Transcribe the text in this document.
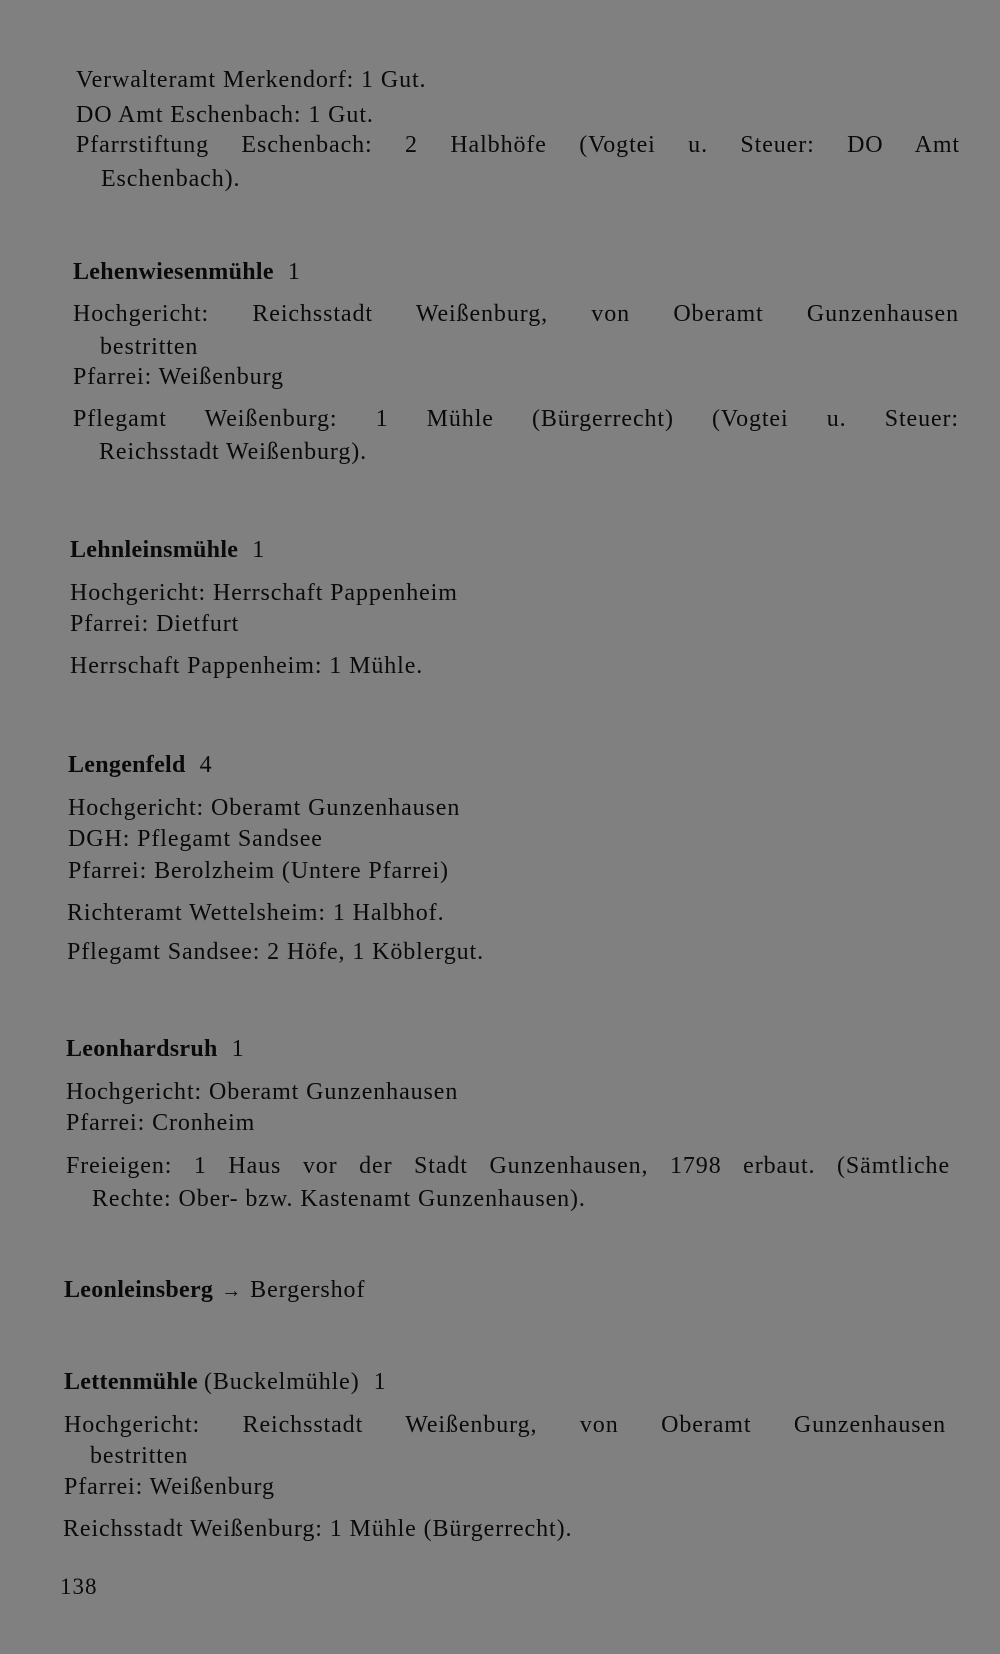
Verwalteramt Merkendorf: 1 Gut.
DO Amt Eschenbach: 1 Gut.
Pfarrstiftung Eschenbach: 2 Halbhöfe (Vogtei u. Steuer: DO Amt
Eschenbach).
Lehenwiesenmühle 1
Hochgericht: Reichsstadt Weißenburg, von Oberamt Gunzenhausen
bestritten
Pfarrei: Weißenburg
Pflegamt Weißenburg: 1 Mühle (Bürgerrecht) (Vogtei u. Steuer:
Reichsstadt Weißenburg).
Lehnleinsmühle 1
Hochgericht: Herrschaft Pappenheim
Pfarrei: Dietfurt
Herrschaft Pappenheim: 1 Mühle.
Lengenfeld 4
Hochgericht: Oberamt Gunzenhausen
DGH: Pflegamt Sandsee
Pfarrei: Berolzheim (Untere Pfarrei)
Richteramt Wettelsheim: 1 Halbhof.
Pflegamt Sandsee: 2 Höfe, 1 Köblergut.
Leonhardsruh 1
Hochgericht: Oberamt Gunzenhausen
Pfarrei: Cronheim
Freieigen: 1 Haus vor der Stadt Gunzenhausen, 1798 erbaut. (Sämtliche
Rechte: Ober- bzw. Kastenamt Gunzenhausen).
Leonleinsberg → Bergershof
Lettenmühle (Buckelmühle) 1
Hochgericht: Reichsstadt Weißenburg, von Oberamt Gunzenhausen
bestritten
Pfarrei: Weißenburg
Reichsstadt Weißenburg: 1 Mühle (Bürgerrecht).
138
